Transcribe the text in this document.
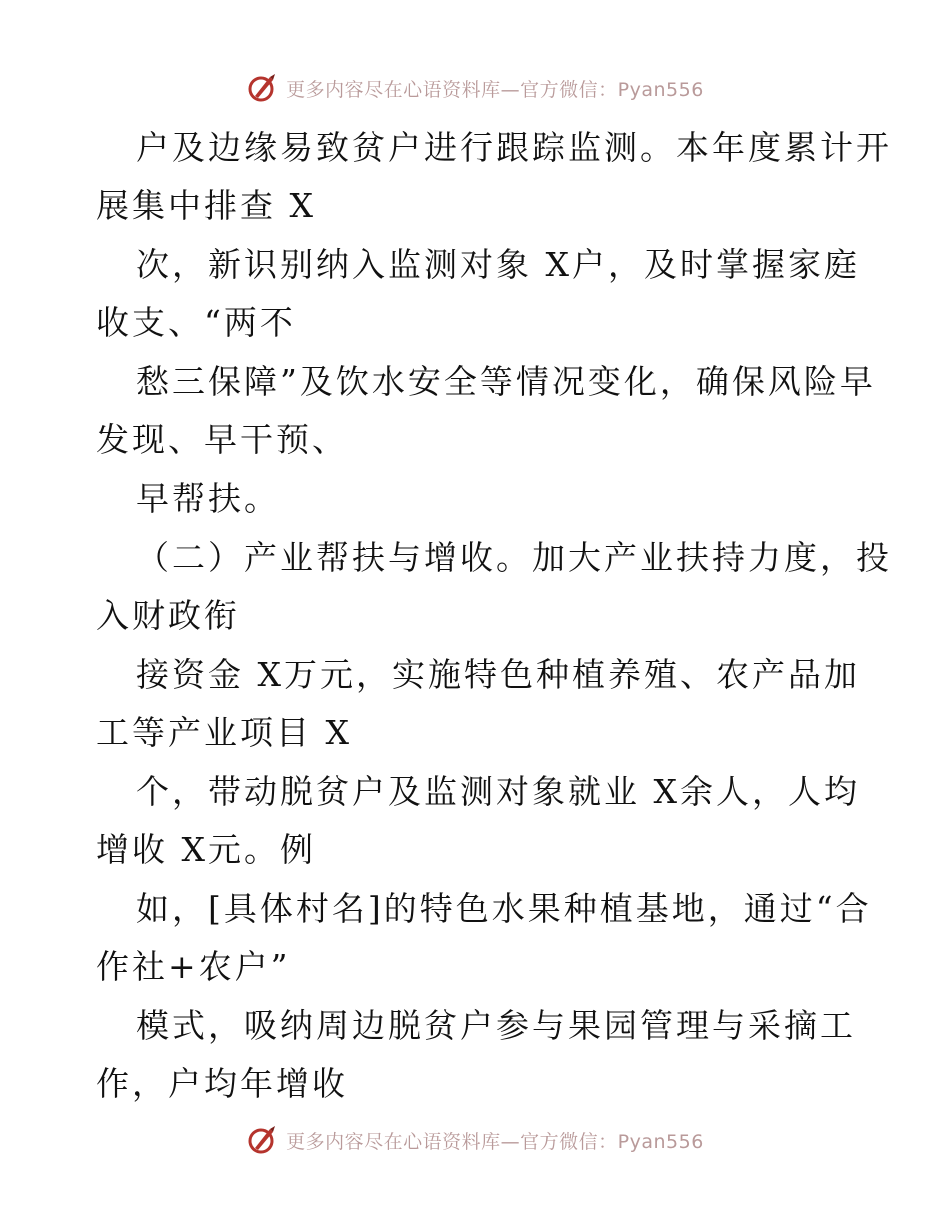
更多内容尽在心语资料库—官方微信：Pyan556
户及边缘易致贫户进行跟踪监测。本年度累计开
展集中排查 X
次，新识别纳入监测对象 X户，及时掌握家庭
收支、“两不
愁三保障”及饮水安全等情况变化，确保风险早
发现、早干预、
早帮扶。
（二）产业帮扶与增收。加大产业扶持力度，投
入财政衔
接资金 X万元，实施特色种植养殖、农产品加
工等产业项目 X
个，带动脱贫户及监测对象就业 X余人，人均
增收 X元。例
如，[具体村名]的特色水果种植基地，通过“合
作社+农户”
模式，吸纳周边脱贫户参与果园管理与采摘工
作，户均年增收
更多内容尽在心语资料库—官方微信：Pyan556
